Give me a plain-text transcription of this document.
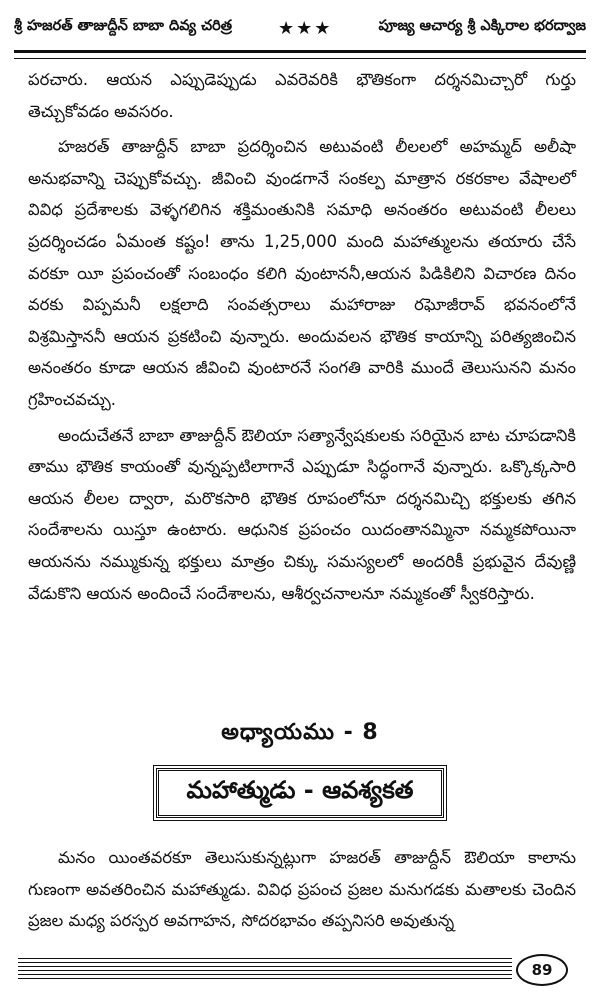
శ్రీ హజరత్ తాజుద్దీన్ బాబా దివ్య చరిత్ర	★★★	పూజ్య ఆచార్య శ్రీ ఎక్కిరాల భరద్వాజ

పరచారు. ఆయన ఎప్పుడెప్పుడు ఎవరెవరికి భౌతికంగా దర్శనమిచ్చారో గుర్తు తెచ్చుకోవడం అవసరం.

హజరత్ తాజుద్దీన్ బాబా ప్రదర్శించిన అటువంటి లీలలలో అహమ్మద్ అలీషా అనుభవాన్ని చెప్పుకోవచ్చు. జీవించి వుండగానే సంకల్ప మాత్రాన రకరకాల వేషాలలో వివిధ ప్రదేశాలకు వెళ్ళగలిగిన శక్తిమంతునికి సమాధి అనంతరం అటువంటి లీలలు ప్రదర్శించడం ఏమంత కష్టం! తాను 1,25,000 మంది మహాత్ములను తయారు చేసే వరకూ యీ ప్రపంచంతో సంబంధం కలిగి వుంటాననీ,ఆయన పిడికిలిని విచారణ దినం వరకు విప్పమనీ లక్షలాది సంవత్సరాలు మహారాజు రఘోజీరావ్ భవనంలోనే విశ్రమిస్తాననీ ఆయన ప్రకటించి వున్నారు. అందువలన భౌతిక కాయాన్ని పరిత్యజించిన అనంతరం కూడా ఆయన జీవించి వుంటారనే సంగతి వారికి ముందే తెలుసునని మనం గ్రహించవచ్చు.

అందుచేతనే బాబా తాజుద్దీన్ ఔలియా సత్యాన్వేషకులకు సరియైన బాట చూపడానికి తాము భౌతిక కాయంతో వున్నప్పటిలాగానే ఎప్పుడూ సిద్ధంగానే వున్నారు. ఒక్కొక్కసారి ఆయన లీలల ద్వారా, మరొకసారి భౌతిక రూపంలోనూ దర్శనమిచ్చి భక్తులకు తగిన సందేశాలను యిస్తూ ఉంటారు. ఆధునిక ప్రపంచం యిదంతానమ్మినా నమ్మకపోయినా ఆయనను నమ్ముకున్న భక్తులు మాత్రం చిక్కు సమస్యలలో అందరికీ ప్రభువైన దేవుణ్ణి వేడుకొని ఆయన అందించే సందేశాలను, ఆశీర్వచనాలనూ నమ్మకంతో స్వీకరిస్తారు.

అధ్యాయము - 8
మహాత్ముడు - ఆవశ్యకత

మనం యింతవరకూ తెలుసుకున్నట్లుగా హజరత్ తాజుద్దీన్ ఔలియా కాలాను గుణంగా అవతరించిన మహాత్ముడు. వివిధ ప్రపంచ ప్రజల మనుగడకు మతాలకు చెందిన ప్రజల మధ్య పరస్పర అవగాహన, సోదరభావం తప్పనిసరి అవుతున్న

89
